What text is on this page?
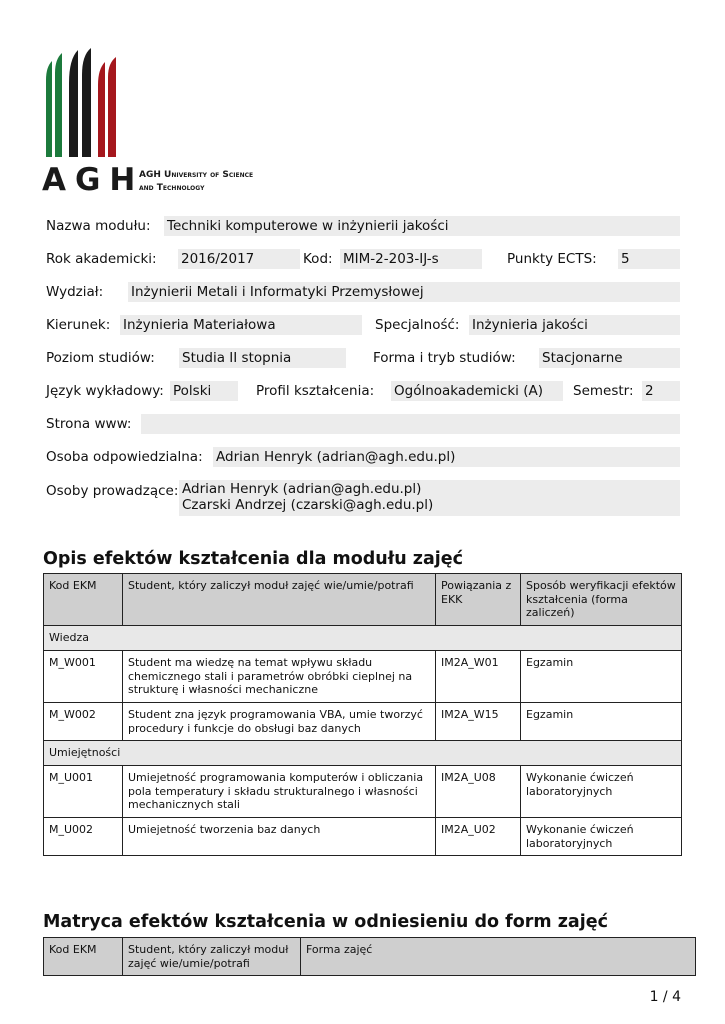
AGH
AGH University of Science
and Technology
Nazwa modułu: Techniki komputerowe w inżynierii jakości
Rok akademicki: 2016/2017	Kod: MIM-2-203-IJ-s	Punkty ECTS: 5
Wydział: Inżynierii Metali i Informatyki Przemysłowej
Kierunek: Inżynieria Materiałowa	Specjalność: Inżynieria jakości
Poziom studiów: Studia II stopnia	Forma i tryb studiów: Stacjonarne
Język wykładowy: Polski	Profil kształcenia: Ogólnoakademicki (A)	Semestr: 2
Strona www:
Osoba odpowiedzialna: Adrian Henryk (adrian@agh.edu.pl)
Osoby prowadzące: Adrian Henryk (adrian@agh.edu.pl)
Czarski Andrzej (czarski@agh.edu.pl)
Opis efektów kształcenia dla modułu zajęć
Kod EKM	Student, który zaliczył moduł zajęć wie/umie/potrafi	Powiązania z EKK	Sposób weryfikacji efektów kształcenia (forma zaliczeń)
Wiedza			
M_W001	Student ma wiedzę na temat wpływu składu chemicznego stali i parametrów obróbki cieplnej na strukturę i własności mechaniczne	IM2A_W01	Egzamin
M_W002	Student zna język programowania VBA, umie tworzyć procedury i funkcje do obsługi baz danych	IM2A_W15	Egzamin
Umiejętności			
M_U001	Umiejetność programowania komputerów i obliczania pola temperatury i składu strukturalnego i własności mechanicznych stali	IM2A_U08	Wykonanie ćwiczeń laboratoryjnych
M_U002	Umiejetność tworzenia baz danych	IM2A_U02	Wykonanie ćwiczeń laboratoryjnych
Matryca efektów kształcenia w odniesieniu do form zajęć
Kod EKM	Student, który zaliczył moduł zajęć wie/umie/potrafi	Forma zajęć
1 / 4
